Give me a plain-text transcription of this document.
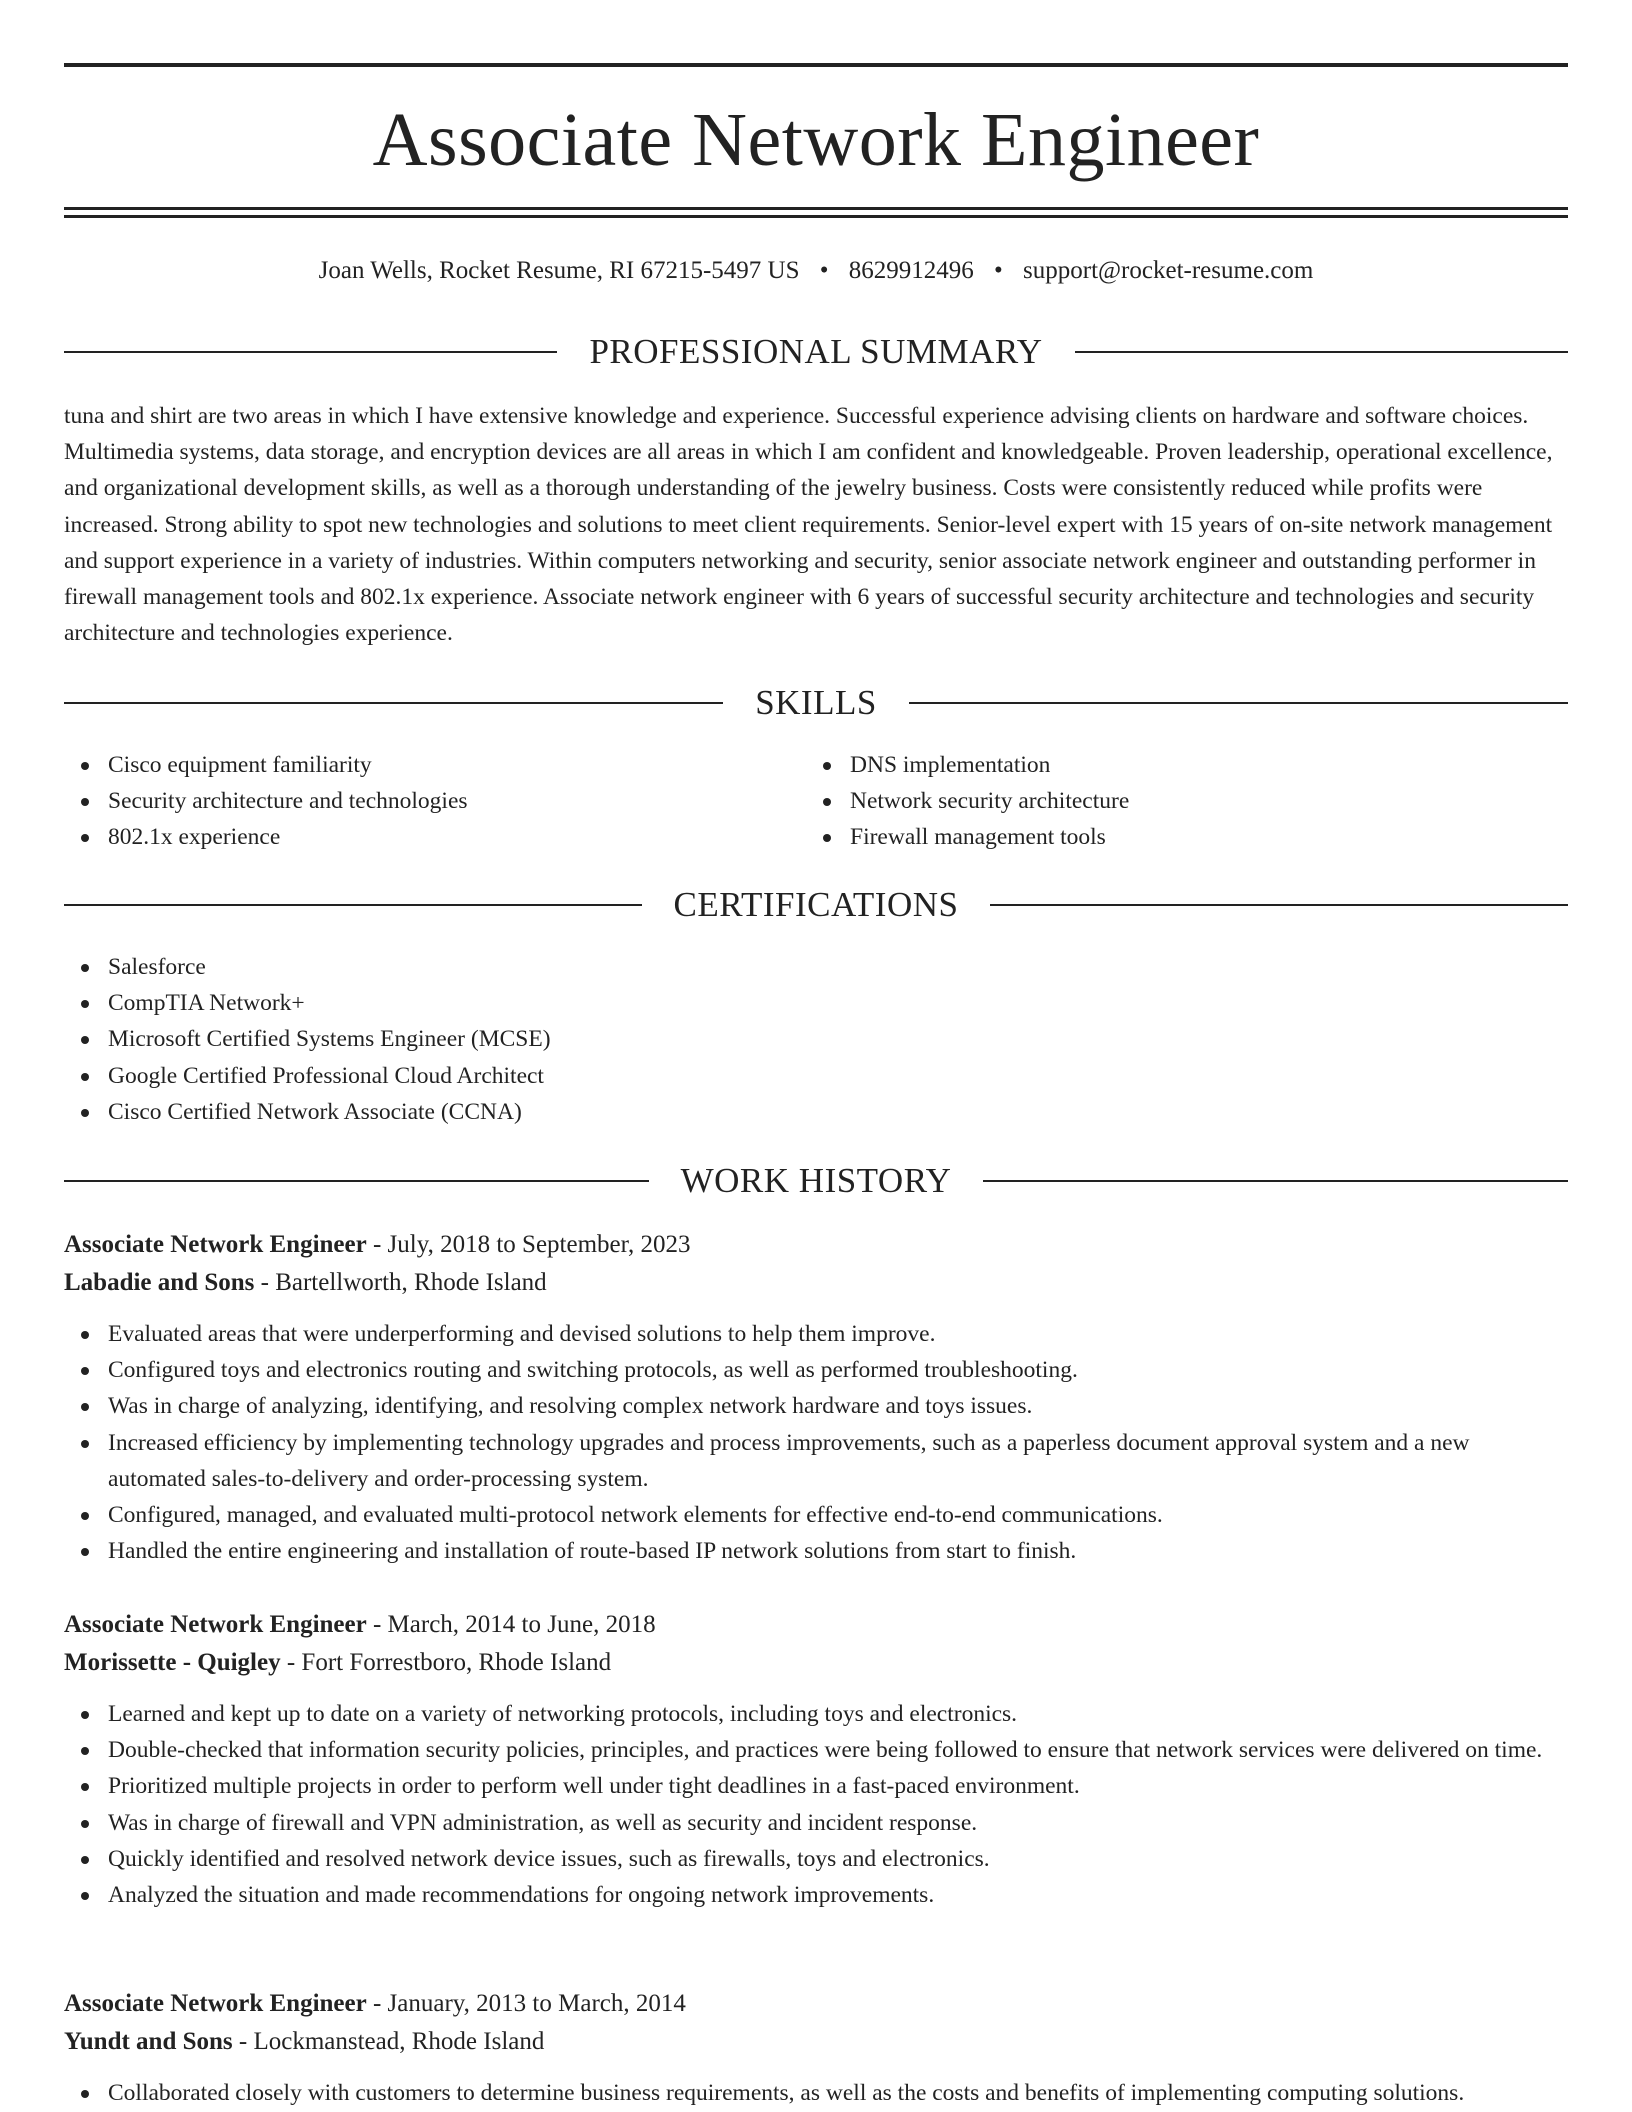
Associate Network Engineer
Joan Wells, Rocket Resume, RI 67215-5497 US • 8629912496 • support@rocket-resume.com
PROFESSIONAL SUMMARY

tuna and shirt are two areas in which I have extensive knowledge and experience. Successful experience advising clients on hardware and software choices. Multimedia systems, data storage, and encryption devices are all areas in which I am confident and knowledgeable. Proven leadership, operational excellence, and organizational development skills, as well as a thorough understanding of the jewelry business. Costs were consistently reduced while profits were increased. Strong ability to spot new technologies and solutions to meet client requirements. Senior-level expert with 15 years of on-site network management and support experience in a variety of industries. Within computers networking and security, senior associate network engineer and outstanding performer in firewall management tools and 802.1x experience. Associate network engineer with 6 years of successful security architecture and technologies and security architecture and technologies experience.

SKILLS
Cisco equipment familiarity
Security architecture and technologies
802.1x experience
DNS implementation
Network security architecture
Firewall management tools
CERTIFICATIONS
Salesforce
CompTIA Network+
Microsoft Certified Systems Engineer (MCSE)
Google Certified Professional Cloud Architect
Cisco Certified Network Associate (CCNA)
WORK HISTORY
Associate Network Engineer - July, 2018 to September, 2023
Labadie and Sons - Bartellworth, Rhode Island
Evaluated areas that were underperforming and devised solutions to help them improve.
Configured toys and electronics routing and switching protocols, as well as performed troubleshooting.
Was in charge of analyzing, identifying, and resolving complex network hardware and toys issues.
Increased efficiency by implementing technology upgrades and process improvements, such as a paperless document approval system and a new automated sales-to-delivery and order-processing system.
Configured, managed, and evaluated multi-protocol network elements for effective end-to-end communications.
Handled the entire engineering and installation of route-based IP network solutions from start to finish.
Associate Network Engineer - March, 2014 to June, 2018
Morissette - Quigley - Fort Forrestboro, Rhode Island
Learned and kept up to date on a variety of networking protocols, including toys and electronics.
Double-checked that information security policies, principles, and practices were being followed to ensure that network services were delivered on time.
Prioritized multiple projects in order to perform well under tight deadlines in a fast-paced environment.
Was in charge of firewall and VPN administration, as well as security and incident response.
Quickly identified and resolved network device issues, such as firewalls, toys and electronics.
Analyzed the situation and made recommendations for ongoing network improvements.
Associate Network Engineer - January, 2013 to March, 2014
Yundt and Sons - Lockmanstead, Rhode Island
Collaborated closely with customers to determine business requirements, as well as the costs and benefits of implementing computing solutions.
